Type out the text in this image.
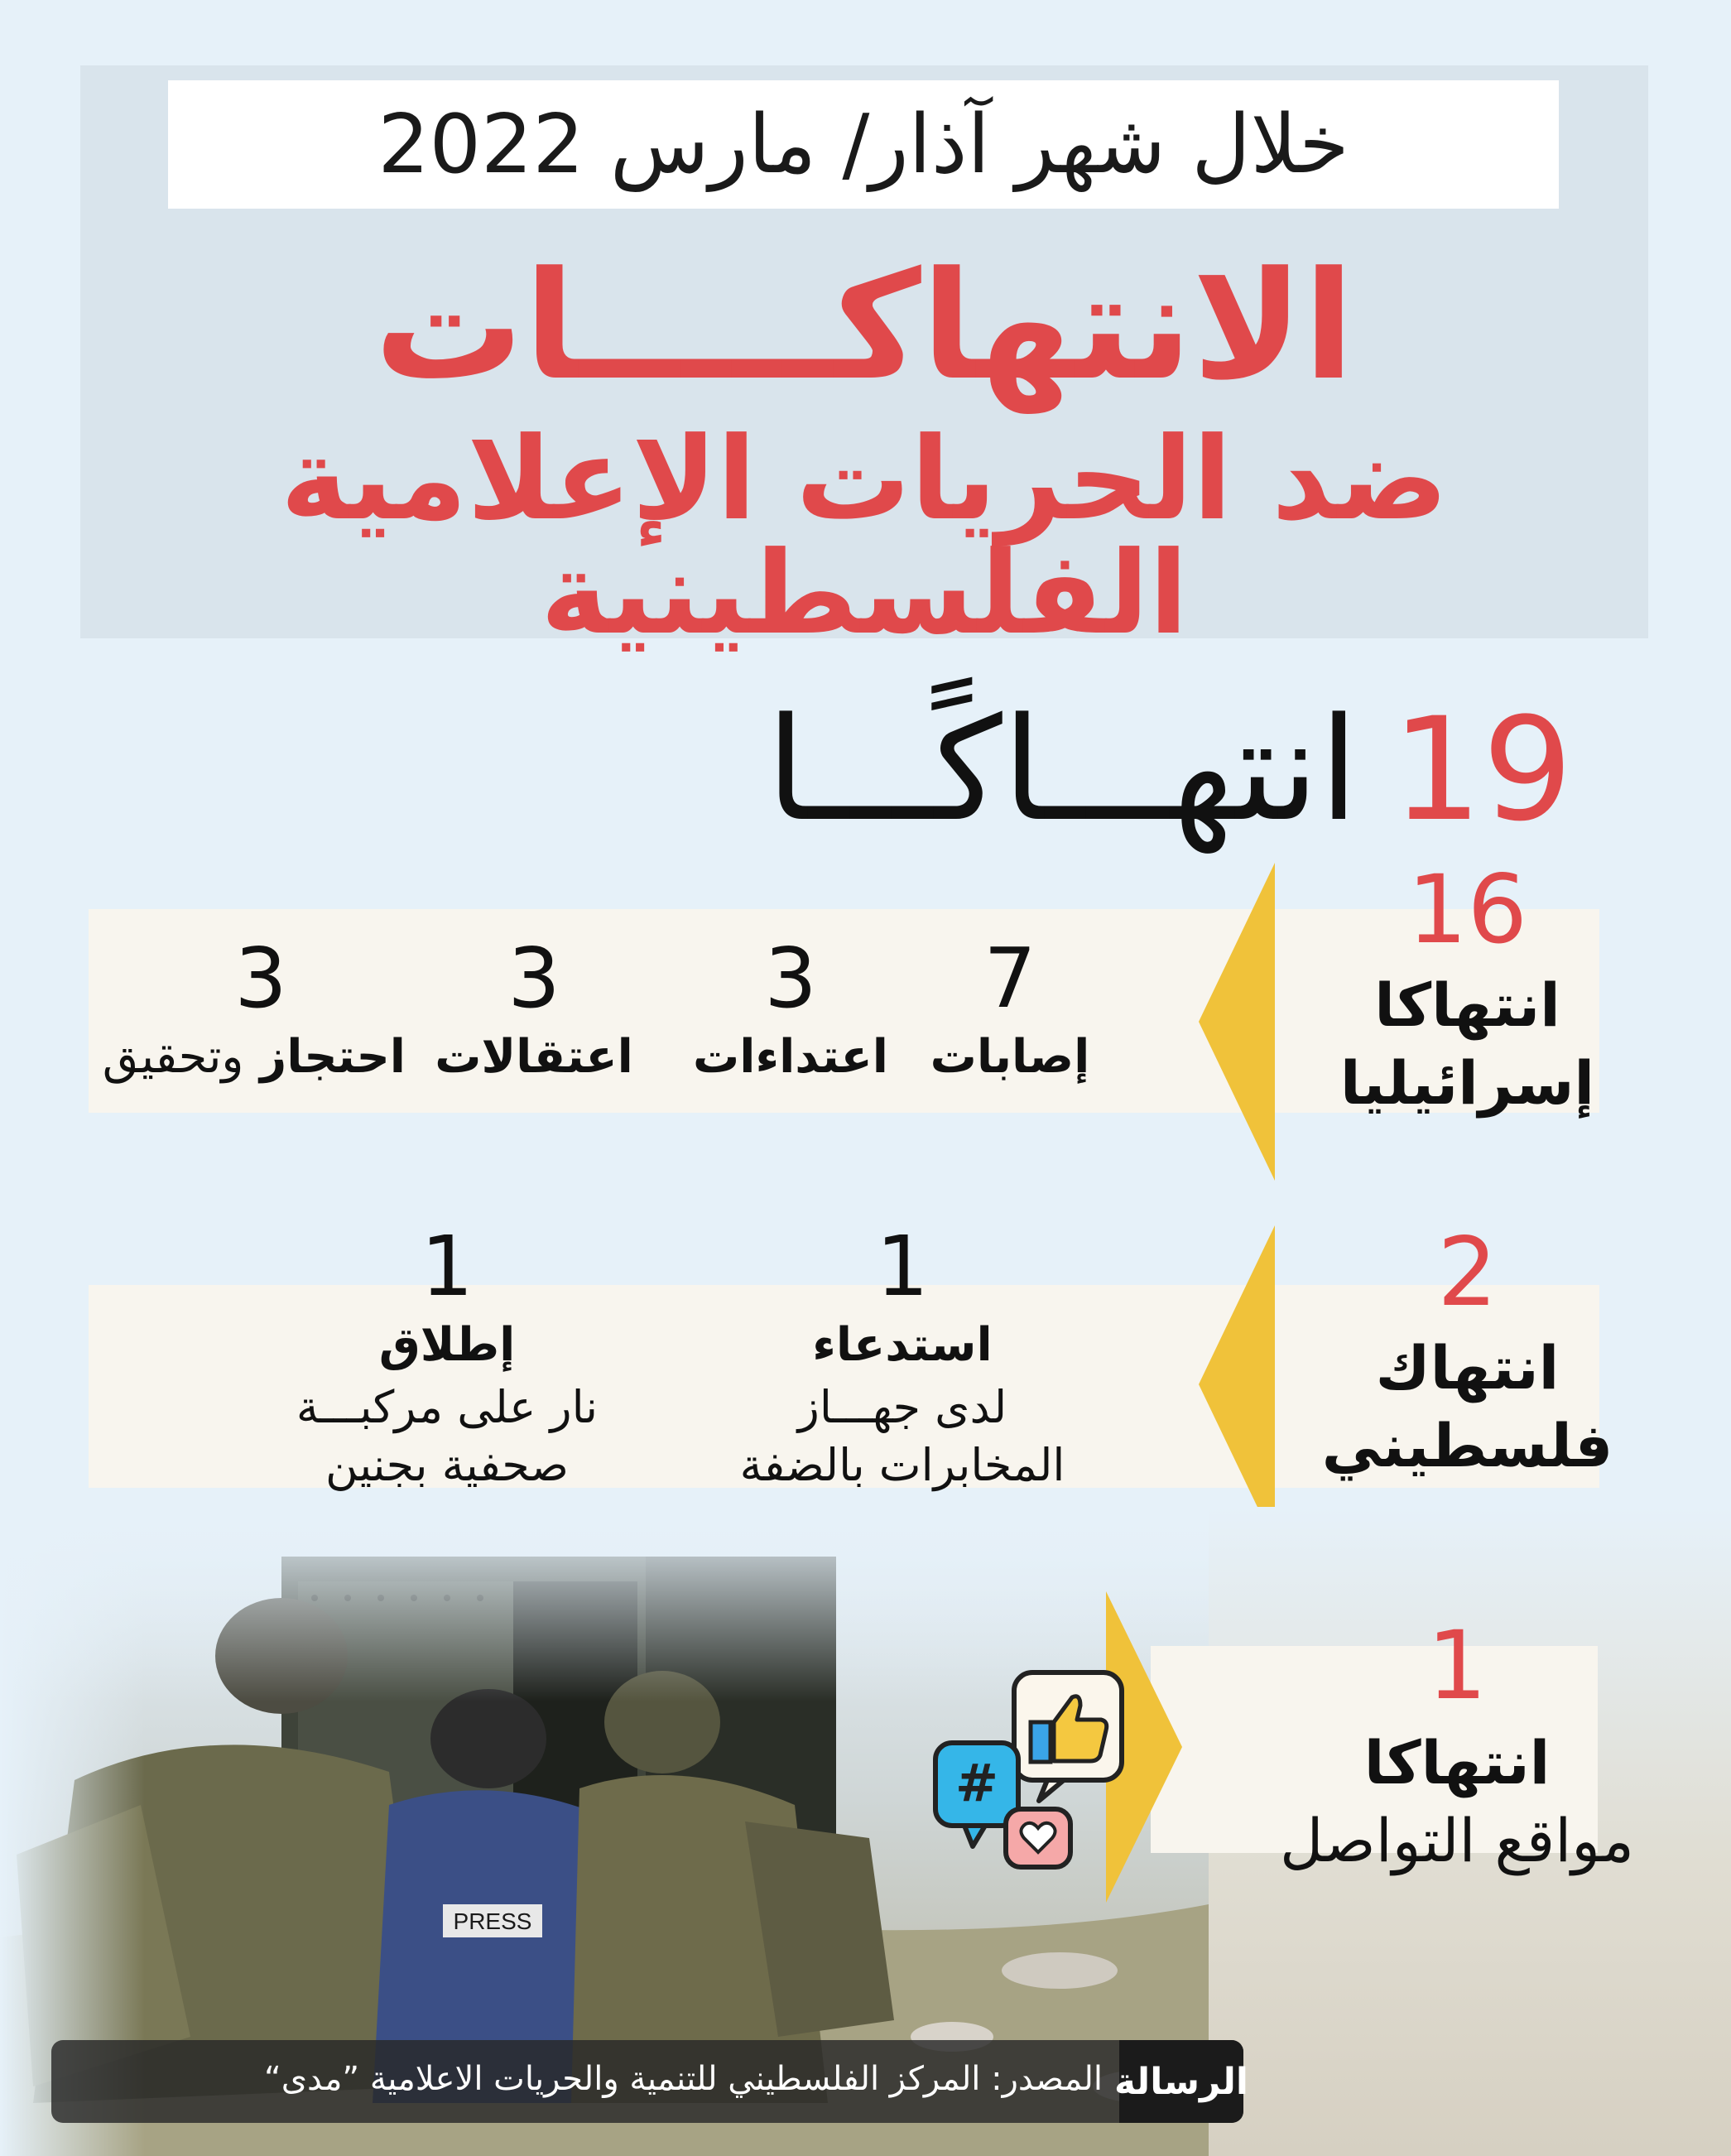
خلال شهر آذار/ مارس 2022
الانتهاكـــــات
ضد الحريات الإعلامية الفلسطينية
19
انتهـــاكًـــا
16
انتهاكا
إسرائيليا
7
إصابات
3
اعتداءات
3
اعتقالات
3
احتجاز وتحقيق
2
انتهاك
فلسطيني
1
استدعاء
لدى جهـــاز
المخابرات بالضفة
1
إطلاق
نار على مركبـــة
صحفية بجنين
1
انتهاكا
مواقع التواصل
#
المصدر: المركز الفلسطيني للتنمية والحريات الاعلامية ”مدى“ الرسالة
